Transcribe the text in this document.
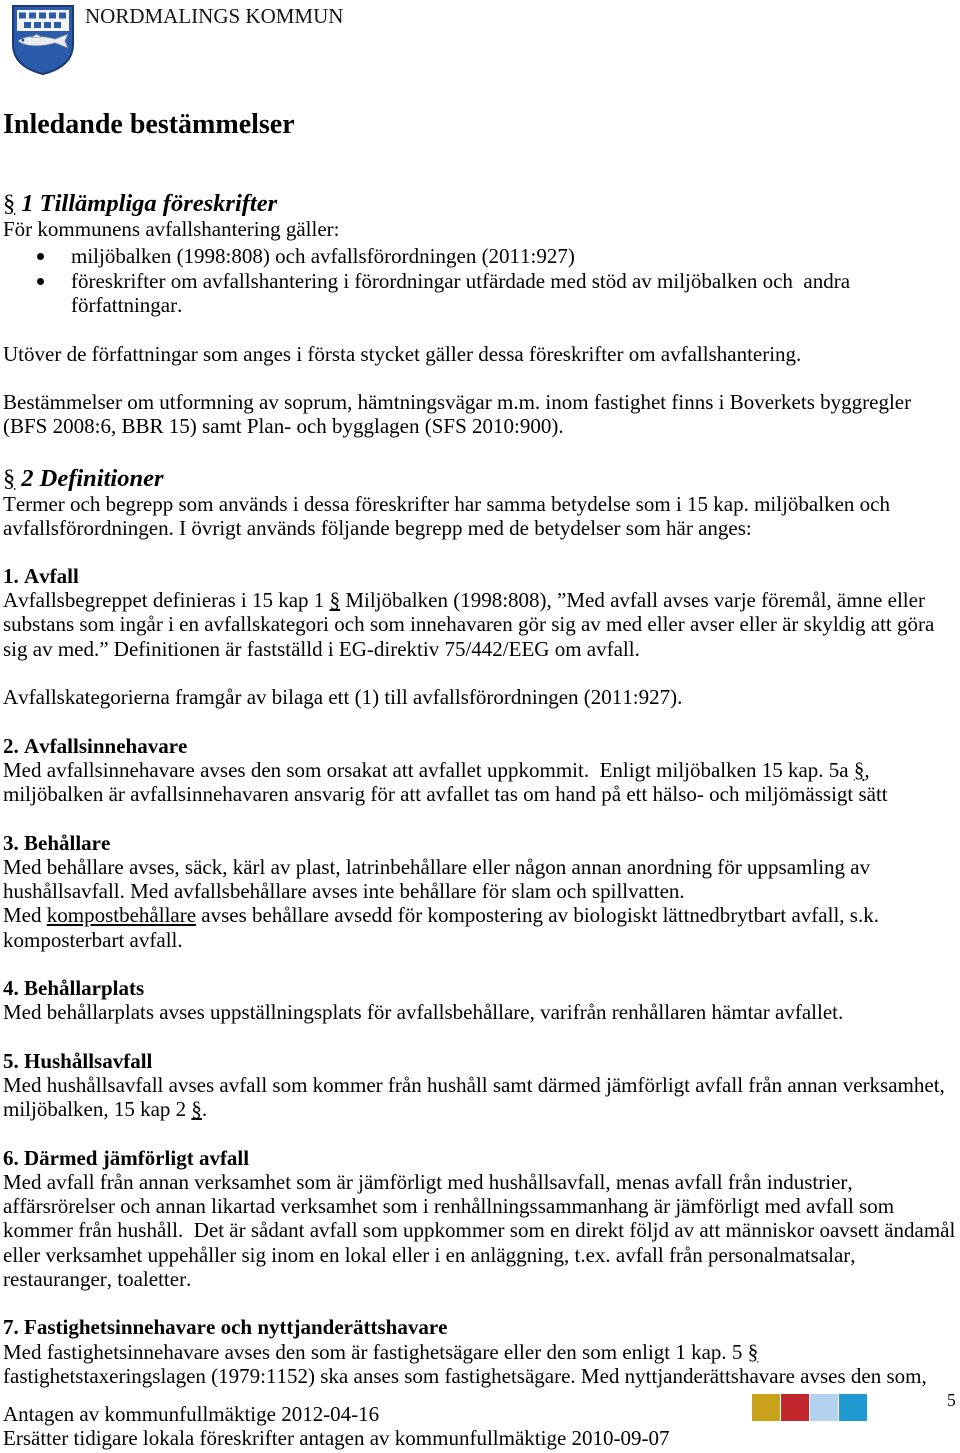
NORDMALINGS KOMMUN
Inledande bestämmelser
§ 1 Tillämpliga föreskrifter
För kommunens avfallshantering gäller:
miljöbalken (1998:808) och avfallsförordningen (2011:927)
föreskrifter om avfallshantering i förordningar utfärdade med stöd av miljöbalken och  andra
författningar.
Utöver de författningar som anges i första stycket gäller dessa föreskrifter om avfallshantering.
Bestämmelser om utformning av soprum, hämtningsvägar m.m. inom fastighet finns i Boverkets byggregler
(BFS 2008:6, BBR 15) samt Plan- och bygglagen (SFS 2010:900).
§ 2 Definitioner
Termer och begrepp som används i dessa föreskrifter har samma betydelse som i 15 kap. miljöbalken och
avfallsförordningen. I övrigt används följande begrepp med de betydelser som här anges:
1. Avfall
Avfallsbegreppet definieras i 15 kap 1 § Miljöbalken (1998:808), ”Med avfall avses varje föremål, ämne eller
substans som ingår i en avfallskategori och som innehavaren gör sig av med eller avser eller är skyldig att göra
sig av med.” Definitionen är fastställd i EG-direktiv 75/442/EEG om avfall.
Avfallskategorierna framgår av bilaga ett (1) till avfallsförordningen (2011:927).
2. Avfallsinnehavare
Med avfallsinnehavare avses den som orsakat att avfallet uppkommit.  Enligt miljöbalken 15 kap. 5a §,
miljöbalken är avfallsinnehavaren ansvarig för att avfallet tas om hand på ett hälso- och miljömässigt sätt
3. Behållare
Med behållare avses, säck, kärl av plast, latrinbehållare eller någon annan anordning för uppsamling av
hushållsavfall. Med avfallsbehållare avses inte behållare för slam och spillvatten.
Med kompostbehållare avses behållare avsedd för kompostering av biologiskt lättnedbrytbart avfall, s.k.
komposterbart avfall.
4. Behållarplats
Med behållarplats avses uppställningsplats för avfallsbehållare, varifrån renhållaren hämtar avfallet.
5. Hushållsavfall
Med hushållsavfall avses avfall som kommer från hushåll samt därmed jämförligt avfall från annan verksamhet,
miljöbalken, 15 kap 2 §.
6. Därmed jämförligt avfall
Med avfall från annan verksamhet som är jämförligt med hushållsavfall, menas avfall från industrier,
affärsrörelser och annan likartad verksamhet som i renhållningssammanhang är jämförligt med avfall som
kommer från hushåll.  Det är sådant avfall som uppkommer som en direkt följd av att människor oavsett ändamål
eller verksamhet uppehåller sig inom en lokal eller i en anläggning, t.ex. avfall från personalmatsalar,
restauranger, toaletter.
7. Fastighetsinnehavare och nyttjanderättshavare
Med fastighetsinnehavare avses den som är fastighetsägare eller den som enligt 1 kap. 5 §
fastighetstaxeringslagen (1979:1152) ska anses som fastighetsägare. Med nyttjanderättshavare avses den som,
5
Antagen av kommunfullmäktige 2012-04-16
Ersätter tidigare lokala föreskrifter antagen av kommunfullmäktige 2010-09-07
